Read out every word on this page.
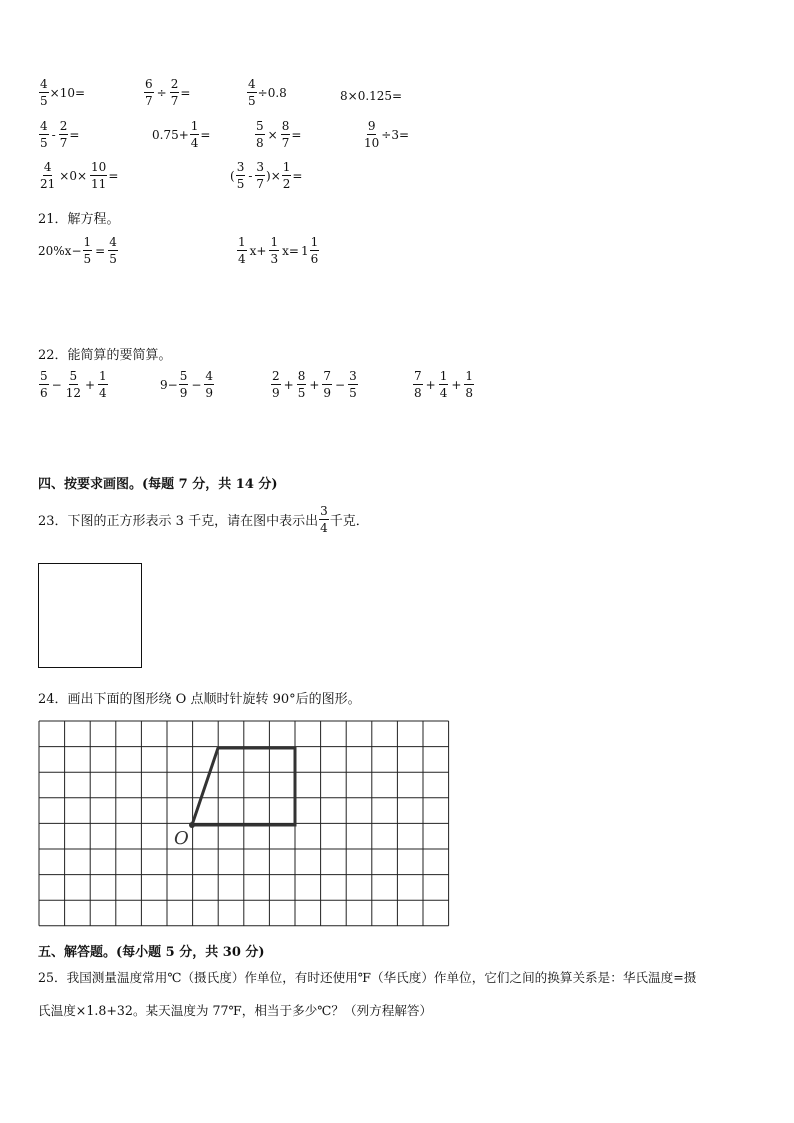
$\frac{4}{5} \times 10=$	$\frac{6}{7} \div \frac{2}{7}$ =	$\frac{4}{5} \div 0.8$	8×0.125=
$\frac{4}{5} - \frac{2}{7}$ =	$0.75+ \frac{1}{4}$ =	$\frac{5}{8} \times \frac{8}{7}$ =	$\frac{9}{10} \div 3=$
$\frac{4}{21} \times 0\times \frac{10}{11}$ =	( $\frac{3}{5} - \frac{3}{7}$ )× $\frac{1}{2}$ =
21．解方程。
$20\%x- \frac{1}{5} = \frac{4}{5}$	$\frac{1}{4} x+ \frac{1}{3} x= 1 \frac{1}{6}$
22．能简算的要简算。
$\frac{5}{6} - \frac{5}{12} + \frac{1}{4}$	$9- \frac{5}{9} - \frac{4}{9}$	$\frac{2}{9} + \frac{8}{5} + \frac{7}{9} - \frac{3}{5}$	$\frac{7}{8} + \frac{1}{4} + \frac{1}{8}$
四、按要求画图。(每题 7 分，共 14 分)
23．下图的正方形表示 3 千克，请在图中表示出 $\frac{3}{4}$ 千克．
24．画出下面的图形绕 O 点顺时针旋转 90°后的图形。
O
五、解答题。(每小题 5 分，共 30 分)
25．我国测量温度常用℃（摄氏度）作单位，有时还使用℉（华氏度）作单位，它们之间的换算关系是：华氏温度=摄
氏温度×1.8+32。某天温度为 77℉，相当于多少℃？（列方程解答）
